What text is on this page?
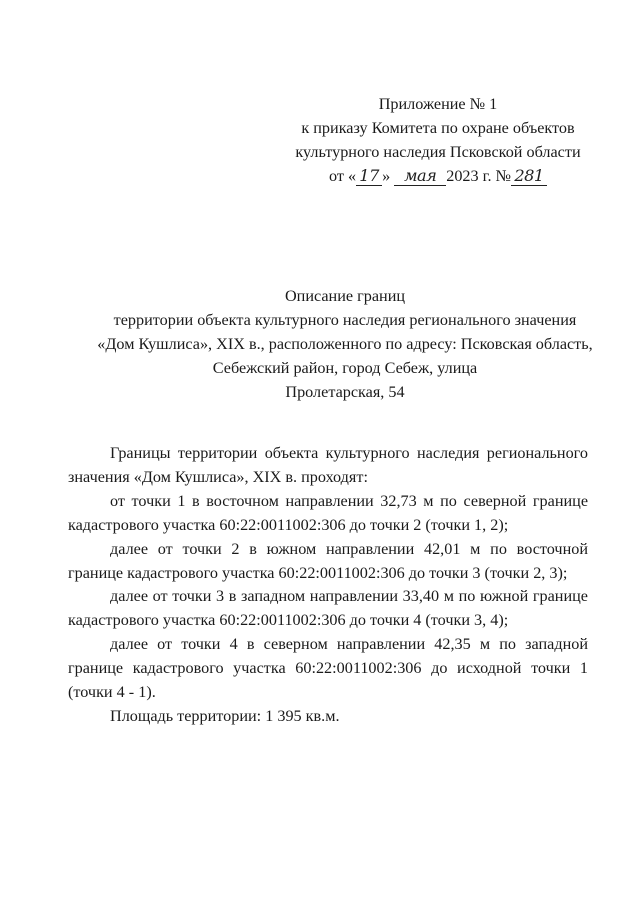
Приложение № 1
к приказу Комитета по охране объектов
культурного наследия Псковской области
от « 17 » мая 2023 г. № 281
Описание границ
территории объекта культурного наследия регионального значения
«Дом Кушлиса», XIX в., расположенного по адресу: Псковская область,
Себежский район, город Себеж, улица
Пролетарская, 54

Границы территории объекта культурного наследия регионального значения «Дом Кушлиса», XIX в. проходят:

от точки 1 в восточном направлении 32,73 м по северной границе кадастрового участка 60:22:0011002:306 до точки 2 (точки 1, 2);

далее от точки 2 в южном направлении 42,01 м по восточной границе кадастрового участка 60:22:0011002:306 до точки 3 (точки 2, 3);

далее от точки 3 в западном направлении 33,40 м по южной границе кадастрового участка 60:22:0011002:306 до точки 4 (точки 3, 4);

далее от точки 4 в северном направлении 42,35 м по западной границе кадастрового участка 60:22:0011002:306 до исходной точки 1 (точки 4 - 1).

Площадь территории: 1 395 кв.м.
